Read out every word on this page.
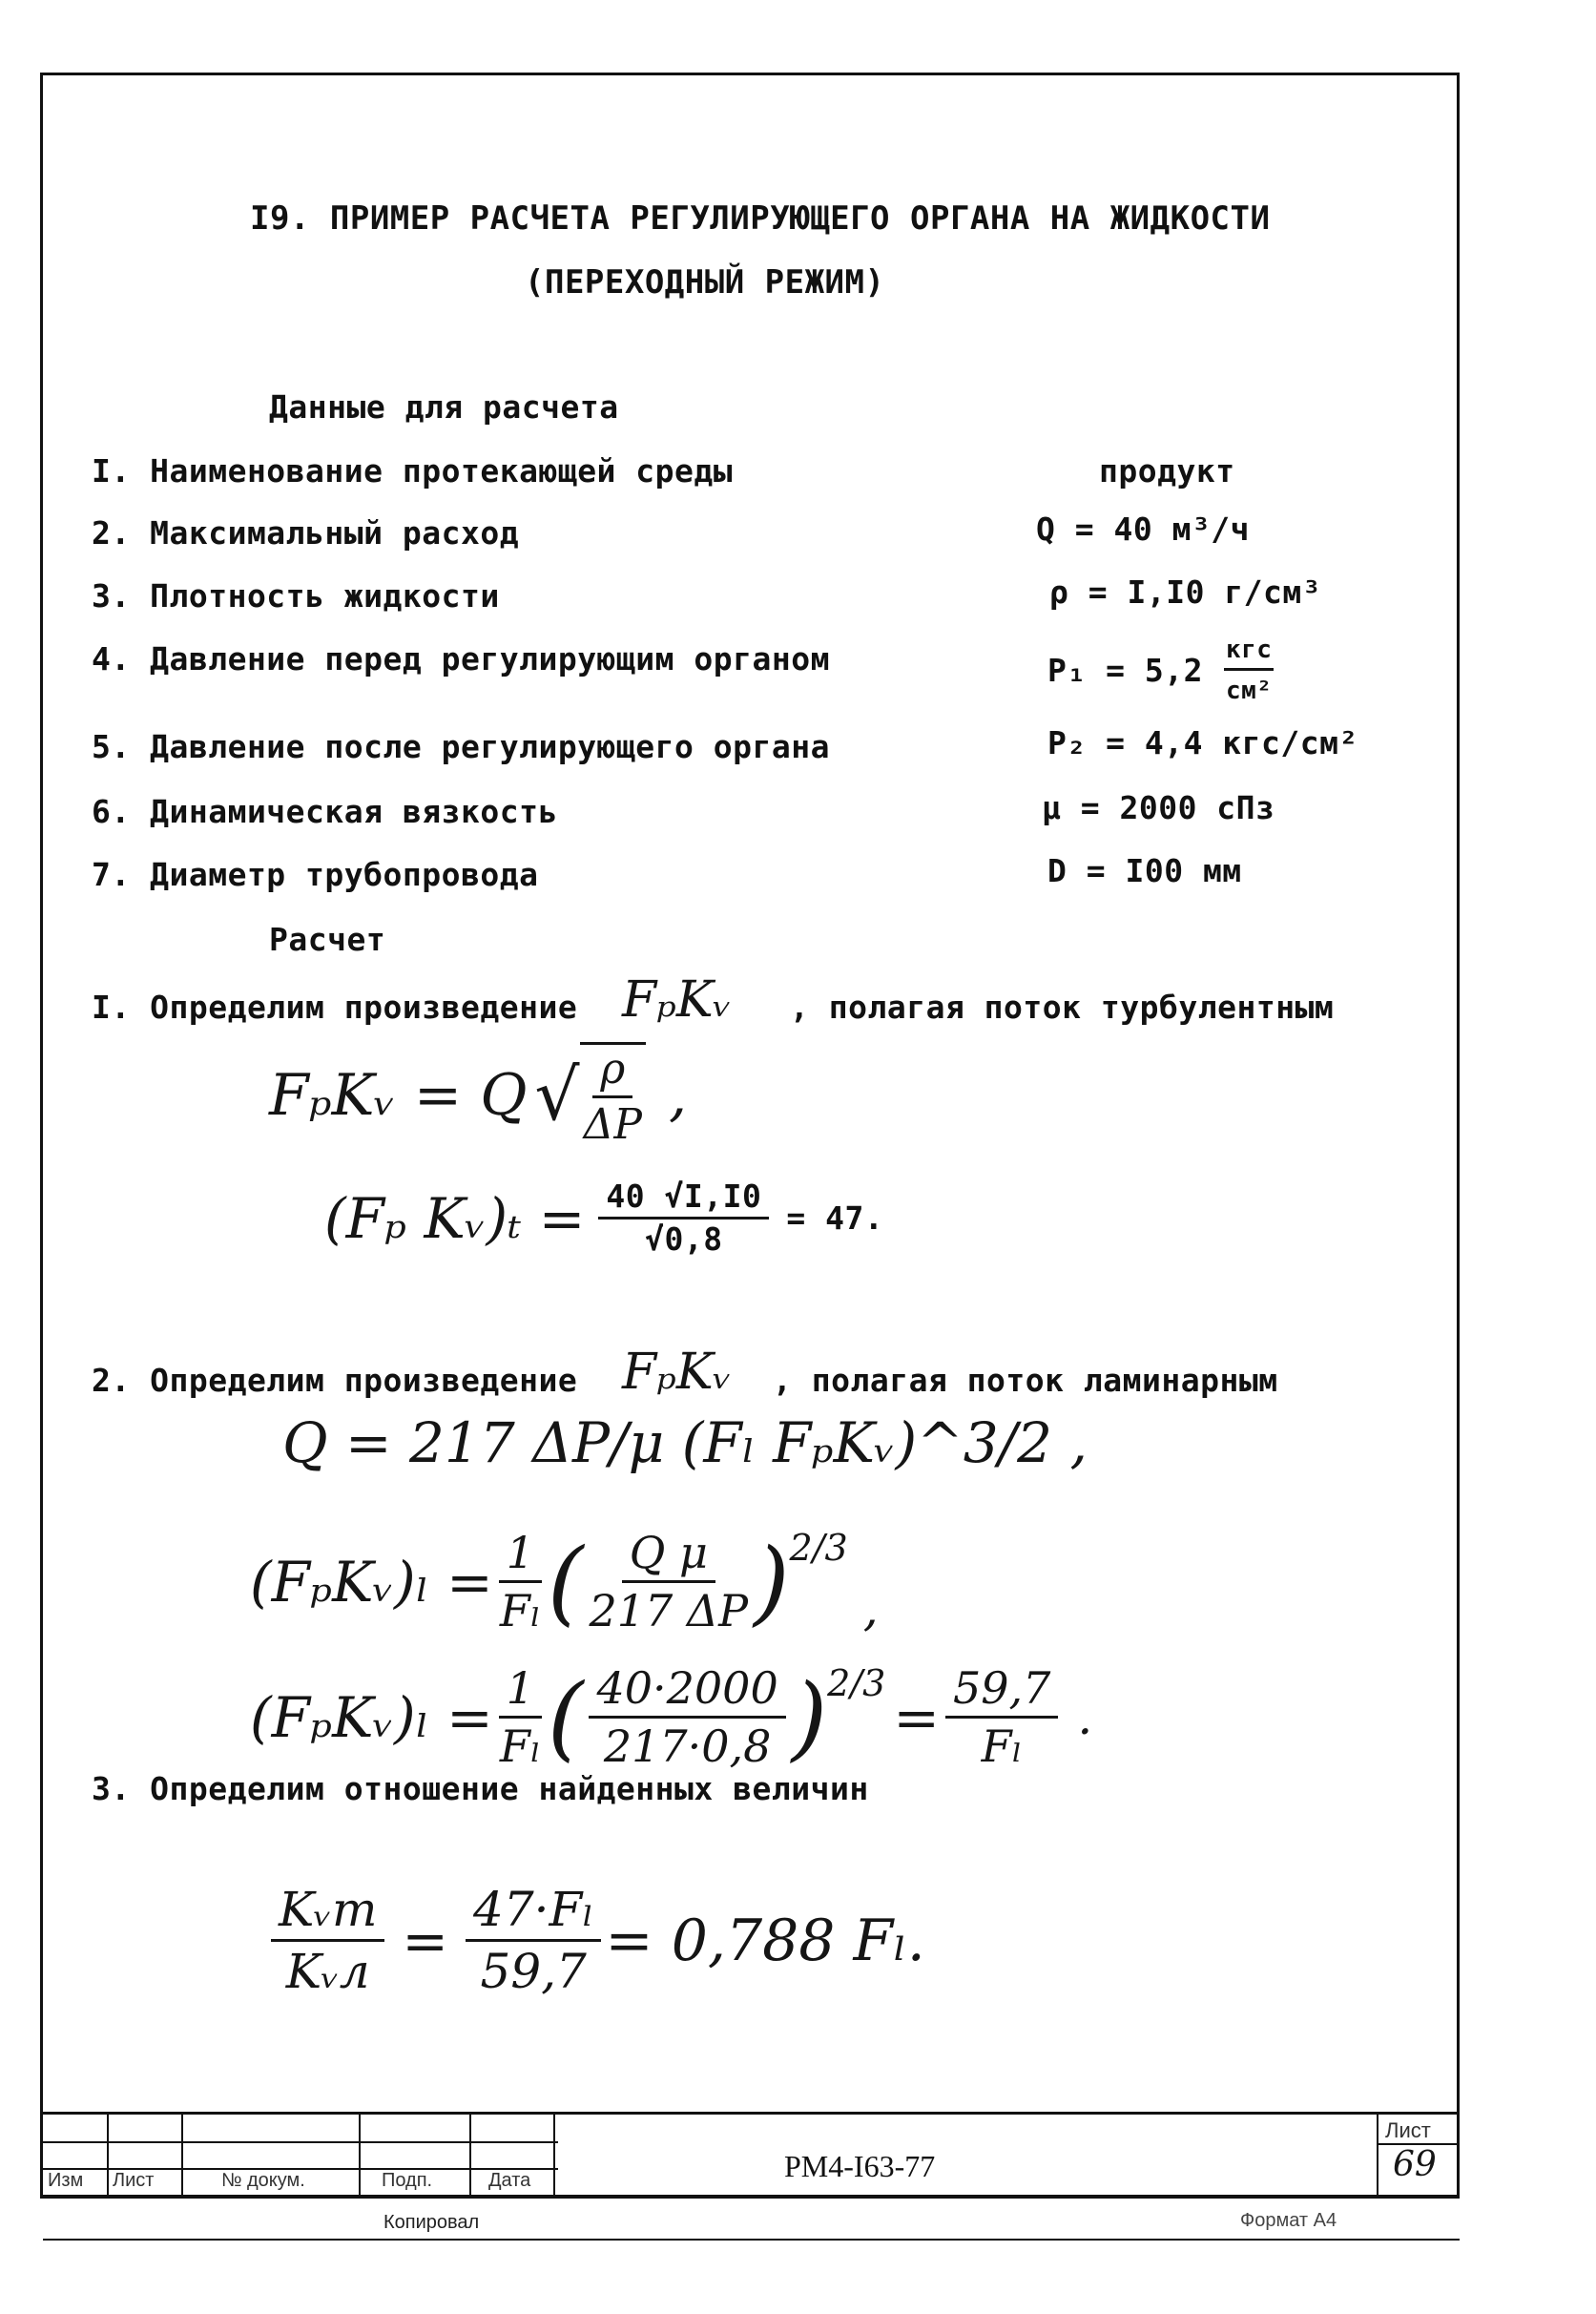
I9. ПРИМЕР РАСЧЕТА РЕГУЛИРУЮЩЕГО ОРГАНА НА ЖИДКОСТИ
(ПЕРЕХОДНЫЙ РЕЖИМ)
Данные для расчета
I. Наименование протекающей среды	продукт
2. Максимальный расход	Q = 40 м³/ч
3. Плотность жидкости	ρ = I,I0 г/см³
4. Давление перед регулирующим органом	$P_1 = 5,2 \frac{\text{кгс}}{\text{см²}}$
5. Давление после регулирующего органа	P₂ = 4,4 кгс/см²
6. Динамическая вязкость	μ = 2000 сПз
7. Диаметр трубопровода	D = I00 мм
Расчет
I. Определим произведение FₚKᵥ , полагая поток турбулентным
FₚKᵥ = Q √ $\frac{\rho}{\Delta P}$ ,
(Fₚ Kᵥ)ₜ = $\frac{40 √I,I0}{√0,8} = 47$.
2. Определим произведение FₚKᵥ , полагая поток ламинарным
Q = 217 ΔP/μ (Fₗ FₚKᵥ)^3/2 ,
(FₚKᵥ)ₗ = $\frac{1}{\text{Fₗ}}$ ( $\frac{\text{Q μ}}{217 \Delta P}$ ) 2/3
,
(FₚKᵥ)ₗ = $\frac{1}{\text{Fₗ}}$ ( $\frac{40\cdot 2000}{217\cdot 0,8}$ ) 2/3
= $\frac{59,7}{\text{Fₗ}}$ .
3. Определим отношение найденных величин
$\frac{\text{Kᵥт}}{\text{Kᵥл}} = \frac{\text{47·Fₗ}}{59,7} = 0,788$ Fₗ.
Изм Лист	№ докум.	Подп.	Дата	РМ4-I63-77
Лист
69
Копировал	Формат А4
